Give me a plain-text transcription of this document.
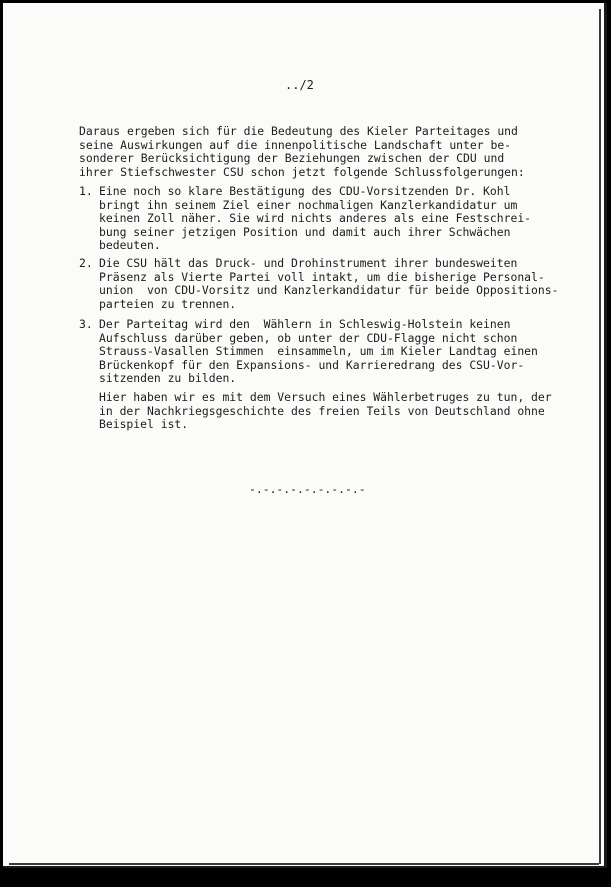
../2
Daraus ergeben sich für die Bedeutung des Kieler Parteitages und
seine Auswirkungen auf die innenpolitische Landschaft unter be-
sonderer Berücksichtigung der Beziehungen zwischen der CDU und
ihrer Stiefschwester CSU schon jetzt folgende Schlussfolgerungen:
1. Eine noch so klare Bestätigung des CDU-Vorsitzenden Dr. Kohl
bringt ihn seinem Ziel einer nochmaligen Kanzlerkandidatur um
keinen Zoll näher. Sie wird nichts anderes als eine Festschrei-
bung seiner jetzigen Position und damit auch ihrer Schwächen
bedeuten.
2. Die CSU hält das Druck- und Drohinstrument ihrer bundesweiten
Präsenz als Vierte Partei voll intakt, um die bisherige Personal-
union  von CDU-Vorsitz und Kanzlerkandidatur für beide Oppositions-
parteien zu trennen.
3. Der Parteitag wird den  Wählern in Schleswig-Holstein keinen
Aufschluss darüber geben, ob unter der CDU-Flagge nicht schon
Strauss-Vasallen Stimmen  einsammeln, um im Kieler Landtag einen
Brückenkopf für den Expansions- und Karrieredrang des CSU-Vor-
sitzenden zu bilden.
Hier haben wir es mit dem Versuch eines Wählerbetruges zu tun, der
in der Nachkriegsgeschichte des freien Teils von Deutschland ohne
Beispiel ist.
-.-.-.-.-.-.-.-.-
